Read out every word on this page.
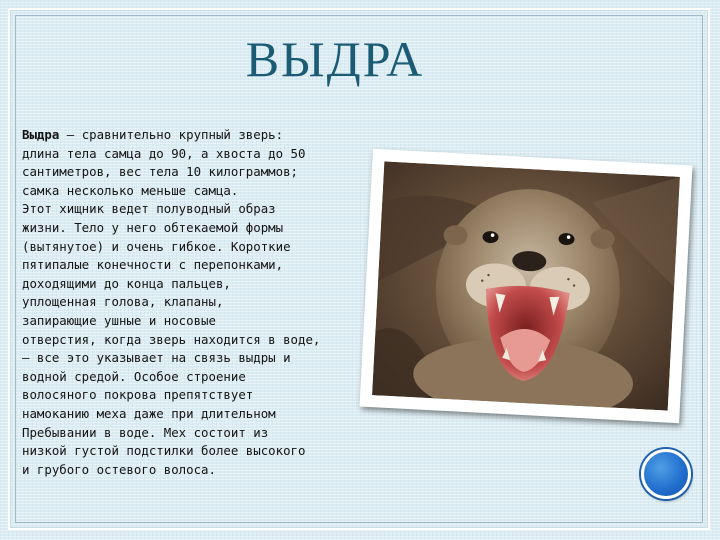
ВЫДРА

Выдра — сравнительно крупный зверь:
длина тела самца до 90, а хвоста до 50
сантиметров, вес тела 10 килограммов;
самка несколько меньше самца.
Этот хищник ведет полуводный образ
жизни. Тело у него обтекаемой формы
(вытянутое) и очень гибкое. Короткие
пятипалые конечности с перепонками,
доходящими до конца пальцев,
уплощенная голова, клапаны,
запирающие ушные и носовые
отверстия, когда зверь находится в воде,
— все это указывает на связь выдры и
водной средой. Особое строение
волосяного покрова препятствует
намоканию меха даже при длительном
Пребывании в воде. Мех состоит из
низкой густой подстилки более высокого
и грубого остевого волоса.
